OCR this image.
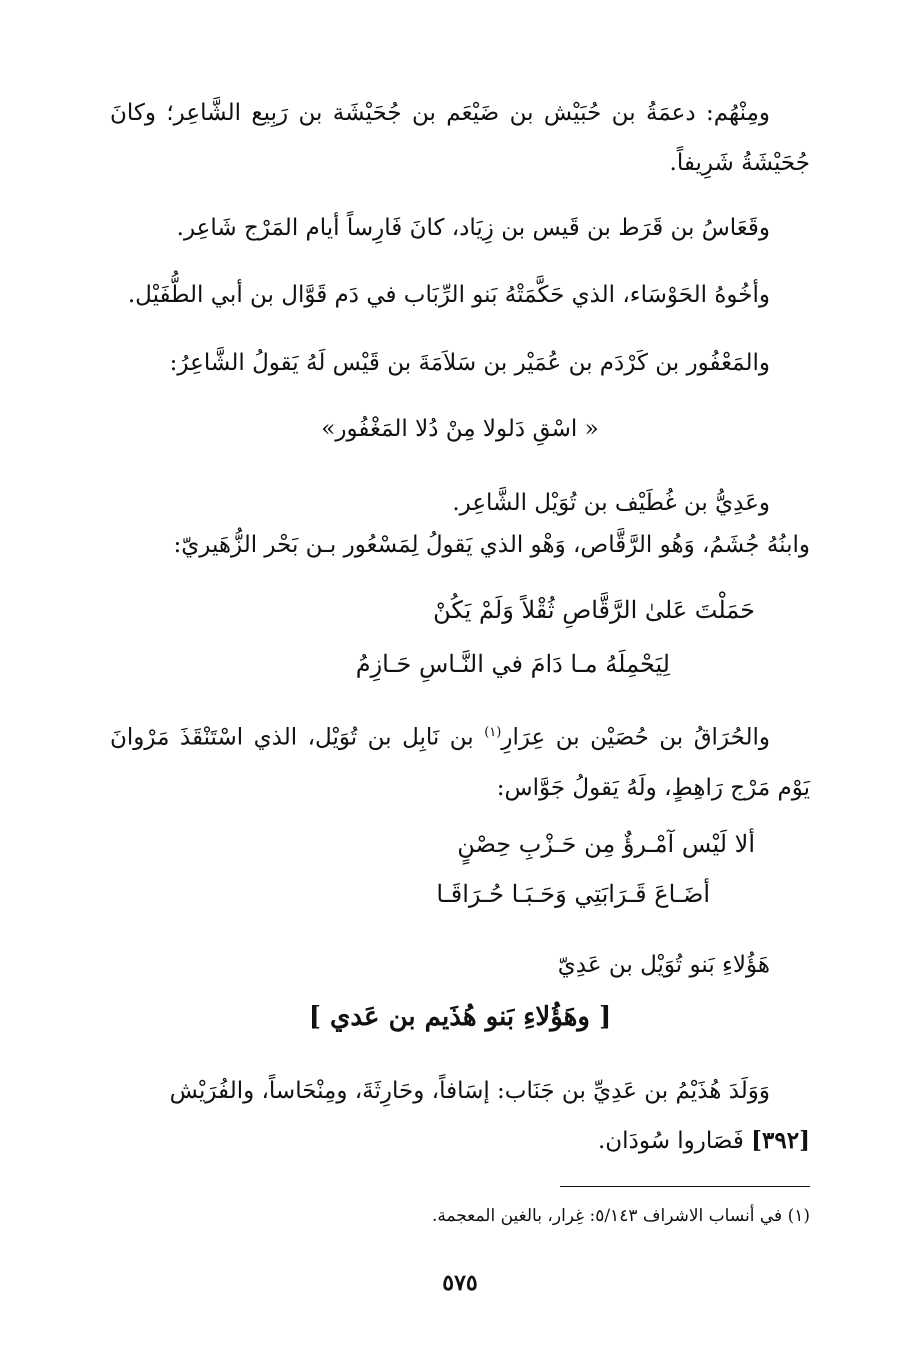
ومِنْهُم: دعمَةُ بن حُبَيْش بن ضَيْعَم بن جُحَيْشَة بن رَبِيع الشَّاعِر؛ وكانَ جُحَيْشَةُ شَرِيفاً.
وقَعَاسُ بن قَرَط بن قَيس بن زِيَاد، كانَ فَارِساً أيام المَرْج شَاعِر.
وأخُوهُ الحَوْسَاء، الذي حَكَّمَتْهُ بَنو الرِّبَاب في دَم قَوَّال بن أبي الطُّفَيْل.
والمَعْفُور بن كَرْدَم بن عُمَيْر بن سَلاَمَةَ بن قَيْس لَهُ يَقولُ الشَّاعِرُ:
« اسْقِ دَلولا مِنْ دُلا المَغْفُور»
وعَدِيُّ بن غُطَيْف بن تُوَيْل الشَّاعِر.
وابنُهُ جُشَمُ، وَهُو الرَّقَّاص، وَهْو الذي يَقولُ لِمَسْعُور بـن بَحْر الزُّهَيريّ:
حَمَلْتَ عَلىٰ الرَّقَّاصِ ثُقْلاً وَلَمْ يَكُنْ
لِيَحْمِلَهُ مـا دَامَ في النَّـاسِ حَـازِمُ
والحُرَاقُ بن حُصَيْن بن عِرَارِ$^{(١)}$ بن نَابِل بن تُوَيْل، الذي اسْتَنْقَذَ مَرْوانَ يَوْم مَرْج رَاهِطٍ، ولَهُ يَقولُ جَوَّاس:
ألا لَيْس آمْـرؤٌ مِن حَـزْبِ حِصْنٍ
أضَـاعَ قَـرَابَتِي وَحَـبَـا حُـرَاقَـا
هَؤُلاءِ بَنو تُوَيْل بن عَدِيّ
[ وهَؤُلاءِ بَنو هُذَيم بن عَدي ]
وَوَلَدَ هُذَيْمُ بن عَدِيِّ بن جَنَاب: إسَافاً، وحَارِثَةَ، ومِنْحَاساً، والفُرَيْش
[٣٩٢] فَصَاروا سُودَان.
(١) في أنساب الاشراف ٥/١٤٣: غِرار، بالغين المعجمة.
٥٧٥
